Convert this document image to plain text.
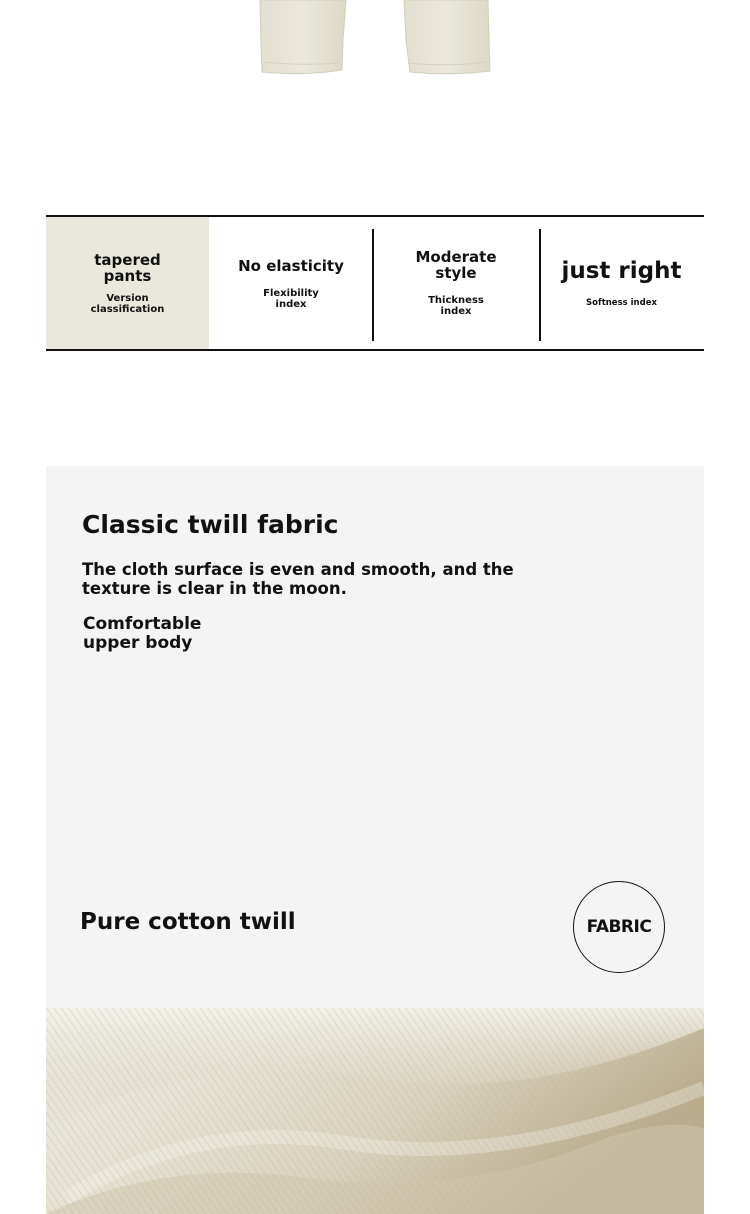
tapered pants
Version classification
No elasticity
Flexibility index
Moderate style
Thickness index
just right
Softness index
Classic twill fabric
The cloth surface is even and smooth, and the texture is clear in the moon.
Comfortable upper body
Pure cotton twill	FABRIC
